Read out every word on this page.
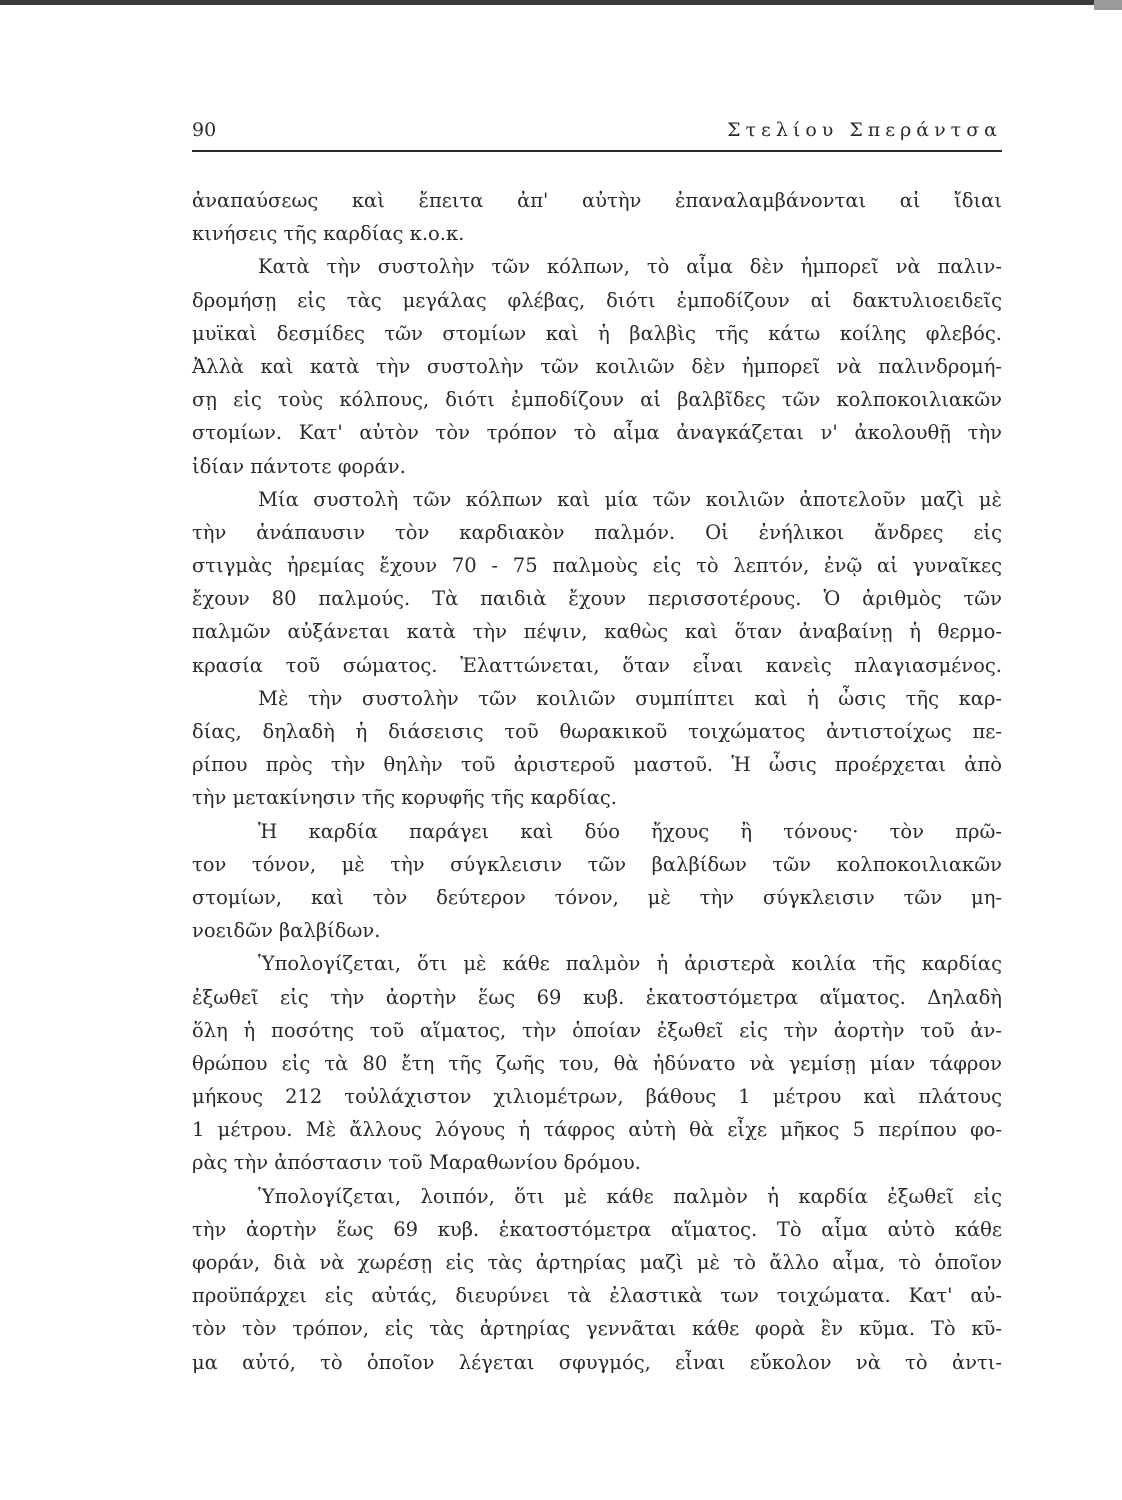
90	Στελίου Σπεράντσα
ἀναπαύσεως καὶ ἔπειτα ἀπ' αὐτὴν ἐπαναλαμβάνονται αἱ ἴδιαι
κινήσεις τῆς καρδίας κ.ο.κ.
Κατὰ τὴν συστολὴν τῶν κόλπων, τὸ αἷμα δὲν ἠμπορεῖ νὰ παλιν-
δρομήσῃ εἰς τὰς μεγάλας φλέβας, διότι ἐμποδίζουν αἱ δακτυλιοειδεῖς
μυϊκαὶ δεσμίδες τῶν στομίων καὶ ἡ βαλβὶς τῆς κάτω κοίλης φλεβός.
Ἀλλὰ καὶ κατὰ τὴν συστολὴν τῶν κοιλιῶν δὲν ἠμπορεῖ νὰ παλινδρομή-
σῃ εἰς τοὺς κόλπους, διότι ἐμποδίζουν αἱ βαλβῖδες τῶν κολποκοιλιακῶν
στομίων. Κατ' αὐτὸν τὸν τρόπον τὸ αἷμα ἀναγκάζεται ν' ἀκολουθῇ τὴν
ἰδίαν πάντοτε φοράν.
Μία συστολὴ τῶν κόλπων καὶ μία τῶν κοιλιῶν ἀποτελοῦν μαζὶ μὲ
τὴν ἀνάπαυσιν τὸν καρδιακὸν παλμόν. Οἱ ἐνήλικοι ἄνδρες εἰς
στιγμὰς ἠρεμίας ἔχουν 70 - 75 παλμοὺς εἰς τὸ λεπτόν, ἐνῷ αἱ γυναῖκες
ἔχουν 80 παλμούς. Τὰ παιδιὰ ἔχουν περισσοτέρους. Ὁ ἀριθμὸς τῶν
παλμῶν αὐξάνεται κατὰ τὴν πέψιν, καθὼς καὶ ὅταν ἀναβαίνῃ ἡ θερμο-
κρασία τοῦ σώματος. Ἐλαττώνεται, ὅταν εἶναι κανεὶς πλαγιασμένος.
Μὲ τὴν συστολὴν τῶν κοιλιῶν συμπίπτει καὶ ἡ ὦσις τῆς καρ-
δίας, δηλαδὴ ἡ διάσεισις τοῦ θωρακικοῦ τοιχώματος ἀντιστοίχως πε-
ρίπου πρὸς τὴν θηλὴν τοῦ ἀριστεροῦ μαστοῦ. Ἡ ὦσις προέρχεται ἀπὸ
τὴν μετακίνησιν τῆς κορυφῆς τῆς καρδίας.
Ἡ καρδία παράγει καὶ δύο ἤχους ἢ τόνους· τὸν πρῶ-
τον τόνον, μὲ τὴν σύγκλεισιν τῶν βαλβίδων τῶν κολποκοιλιακῶν
στομίων, καὶ τὸν δεύτερον τόνον, μὲ τὴν σύγκλεισιν τῶν μη-
νοειδῶν βαλβίδων.
Ὑπολογίζεται, ὅτι μὲ κάθε παλμὸν ἡ ἀριστερὰ κοιλία τῆς καρδίας
ἐξωθεῖ εἰς τὴν ἀορτὴν ἕως 69 κυβ. ἑκατοστόμετρα αἵματος. Δηλαδὴ
ὅλη ἡ ποσότης τοῦ αἵματος, τὴν ὁποίαν ἐξωθεῖ εἰς τὴν ἀορτὴν τοῦ ἀν-
θρώπου εἰς τὰ 80 ἔτη τῆς ζωῆς του, θὰ ἠδύνατο νὰ γεμίσῃ μίαν τάφρον
μήκους 212 τοὐλάχιστον χιλιομέτρων, βάθους 1 μέτρου καὶ πλάτους
1 μέτρου. Μὲ ἄλλους λόγους ἡ τάφρος αὐτὴ θὰ εἶχε μῆκος 5 περίπου φο-
ρὰς τὴν ἀπόστασιν τοῦ Μαραθωνίου δρόμου.
Ὑπολογίζεται, λοιπόν, ὅτι μὲ κάθε παλμὸν ἡ καρδία ἐξωθεῖ εἰς
τὴν ἀορτὴν ἕως 69 κυβ. ἑκατοστόμετρα αἵματος. Τὸ αἷμα αὐτὸ κάθε
φοράν, διὰ νὰ χωρέσῃ εἰς τὰς ἀρτηρίας μαζὶ μὲ τὸ ἄλλο αἷμα, τὸ ὁποῖον
προϋπάρχει εἰς αὐτάς, διευρύνει τὰ ἐλαστικὰ των τοιχώματα. Κατ' αὐ-
τὸν τὸν τρόπον, εἰς τὰς ἀρτηρίας γεννᾶται κάθε φορὰ ἓν κῦμα. Τὸ κῦ-
μα αὐτό, τὸ ὁποῖον λέγεται σφυγμός, εἶναι εὔκολον νὰ τὸ ἀντι-
